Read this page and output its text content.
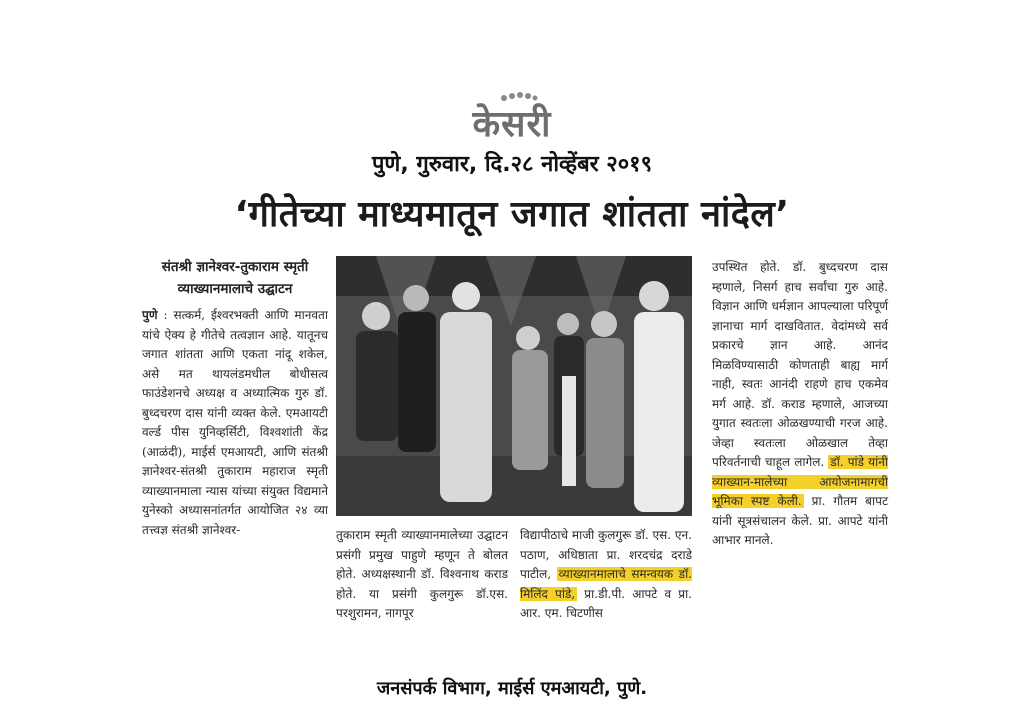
केसरी
पुणे, गुरुवार, दि.२८ नोव्हेंबर २०१९
‘गीतेच्या माध्यमातून जगात शांतता नांदेल’
संतश्री ज्ञानेश्वर-तुकाराम स्मृती व्याख्यानमालाचे उद्घाटन

पुणे : सत्कर्म, ईश्वरभक्ती आणि मानवता यांचे ऐक्य हे गीतेचे तत्वज्ञान आहे. यातूनच जगात शांतता आणि एकता नांदू शकेल, असे मत थायलंडमधील बोधीसत्व फाउंडेशनचे अध्यक्ष व अध्यात्मिक गुरु डॉ. बुध्दचरण दास यांनी व्यक्त केले. एमआयटी वर्ल्ड पीस युनिव्हर्सिटी, विश्वशांती केंद्र (आळंदी), माईर्स एमआयटी, आणि संतश्री ज्ञानेश्वर-संतश्री तुकाराम महाराज स्मृती व्याख्यानमाला न्यास यांच्या संयुक्त विद्यमाने युनेस्को अध्यासनांतर्गत आयोजित २४ व्या तत्त्वज्ञ संतश्री ज्ञानेश्वर-	तुकाराम स्मृती व्याख्यानमालेच्या उद्घाटन प्रसंगी प्रमुख पाहुणे म्हणून ते बोलत होते. अध्यक्षस्थानी डॉ. विश्वनाथ कराड होते. या प्रसंगी कुलगुरू डॉ.एस. परशुरामन, नागपूर

विद्यापीठाचे माजी कुलगुरू डॉ. एस. एन. पठाण, अधिष्ठाता प्रा. शरदचंद्र दराडे पाटील, व्याख्यानमालाचे समन्वयक डॉ. मिलिंद पांडे, प्रा.डी.पी. आपटे व प्रा. आर. एम. चिटणीस

उपस्थित होते. डॉ. बुध्दचरण दास म्हणाले, निसर्ग हाच सर्वांचा गुरु आहे. विज्ञान आणि धर्मज्ञान आपल्याला परिपूर्ण ज्ञानाचा मार्ग दाखवितात. वेदांमध्ये सर्व प्रकारचे ज्ञान आहे. आनंद मिळविण्यासाठी कोणताही बाह्य मार्ग नाही, स्वतः आनंदी राहणे हाच एकमेव मर्ग आहे. डॉ. कराड म्हणाले, आजच्या युगात स्वतःला ओळखण्याची गरज आहे. जेव्हा स्वतःला ओळखाल तेव्हा परिवर्तनाची चाहूल लागेल. डॉ. पांडे यांनी व्याख्यान-मालेच्या आयोजनामागची भूमिका स्पष्ट केली. प्रा. गौतम बापट यांनी सूत्रसंचालन केले. प्रा. आपटे यांनी आभार मानले.

जनसंपर्क विभाग, माईर्स एमआयटी, पुणे.
